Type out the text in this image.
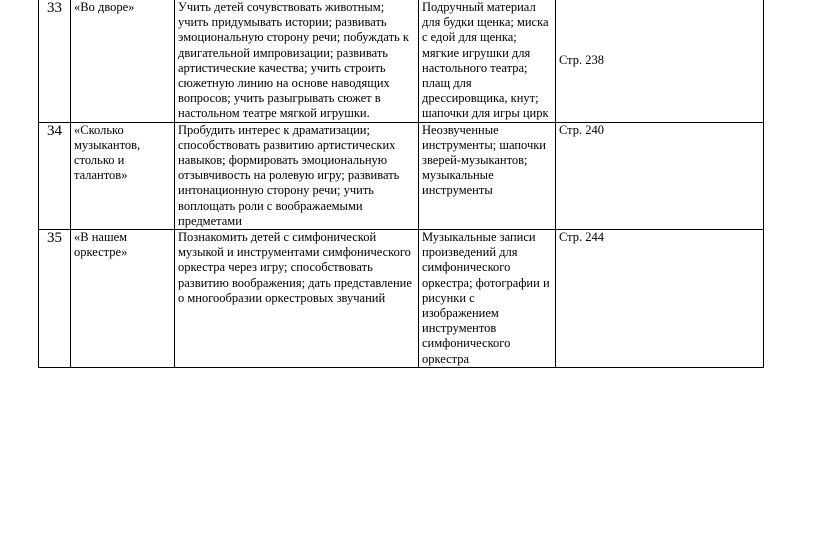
33	«Во дворе»	Учить детей сочувствовать животным; учить придумывать истории; развивать эмоциональную сторону речи; побуждать к двигательной импровизации; развивать артистические качества; учить строить сюжетную линию на основе наводящих вопросов; учить разыгрывать сюжет в настольном театре мягкой игрушки.	Подручный материал для будки щенка; миска с едой для щенка; мягкие игрушки для настольного театра; плащ для дрессировщика, кнут; шапочки для игры цирк	Стр. 238
34	«Сколько музыкантов, столько и талантов»	Пробудить интерес к драматизации; способствовать развитию артистических навыков; формировать эмоциональную отзывчивость на ролевую игру; развивать интонационную сторону речи; учить воплощать роли с воображаемыми предметами	Неозвученные инструменты; шапочки зверей-музыкантов; музыкальные инструменты	Стр. 240
35	«В нашем оркестре»	Познакомить детей с симфонической музыкой и инструментами симфонического оркестра через игру; способствовать развитию воображения; дать представление о многообразии оркестровых звучаний	Музыкальные записи произведений для симфонического оркестра; фотографии и рисунки с изображением инструментов симфонического оркестра	Стр. 244
